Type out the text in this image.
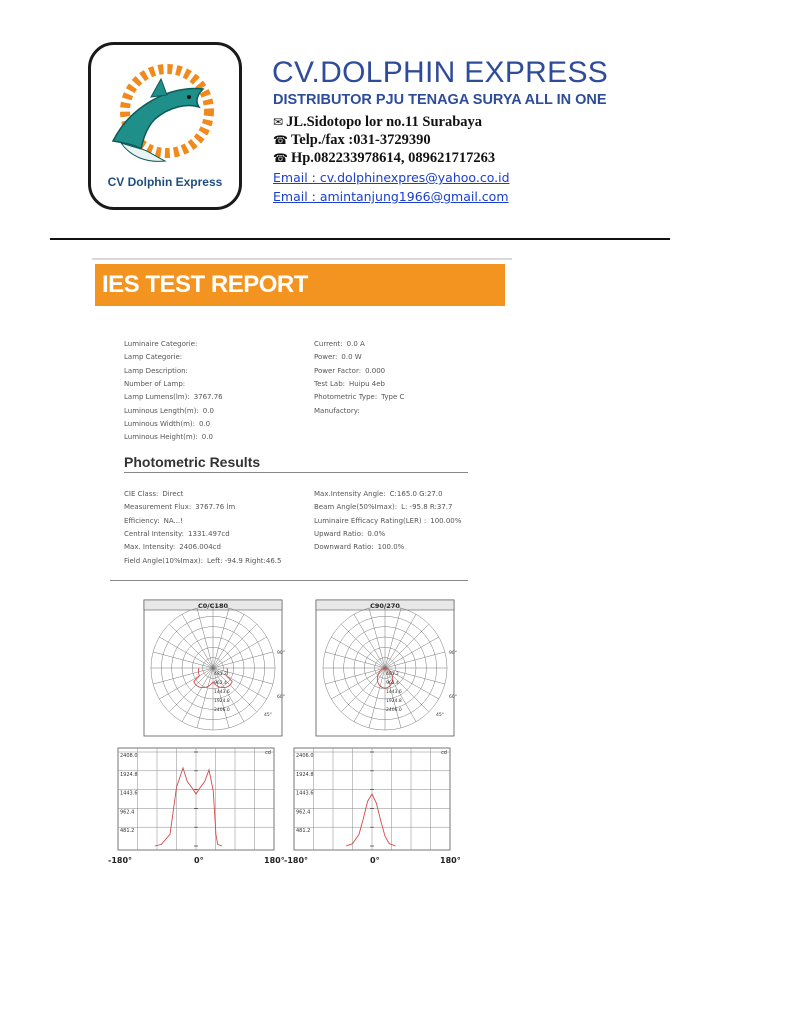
CV Dolphin Express
CV.DOLPHIN EXPRESS
DISTRIBUTOR PJU TENAGA SURYA ALL IN ONE
✉ JL.Sidotopo lor no.11 Surabaya
☎ Telp./fax :031-3729390
☎ Hp.082233978614, 089621717263
Email : cv.dolphinexpres@yahoo.co.id
Email : amintanjung1966@gmail.com
IES TEST REPORT
Luminaire Categorie:
Lamp Categorie:
Lamp Description:
Number of Lamp:
Lamp Lumens(lm): 3767.76
Luminous Length(m): 0.0
Luminous Width(m): 0.0
Luminous Height(m): 0.0
Current: 0.0 A
Power: 0.0 W
Power Factor: 0.000
Test Lab: Huipu 4eb
Photometric Type: Type C
Manufactory:
Photometric Results
CIE Class: Direct
Measurement Flux: 3767.76 lm
Efficiency: NA...!
Central Intensity: 1331.497cd
Max. Intensity: 2406.004cd
Field Angle(10%Imax): Left: -94.9 Right:46.5
Max.Intensity Angle: C:165.0 G:27.0
Beam Angle(50%Imax): L: -95.8 R:37.7
Luminaire Efficacy Rating(LER) : 100.00%
Upward Ratio: 0.0%
Downward Ratio: 100.0%
C0/C180
481.2
962.4
1443.6
1924.8
2406.0
90°
60°
45°
C90/270
481.2
962.4
1443.6
1924.8
2406.0
90°
60°
45°
481.2
962.4
1443.6
1924.8
2408.0	cd
481.2
962.4
1443.6
1924.8
2406.0	cd
-180°	0°	180° -180°	0°	180°
